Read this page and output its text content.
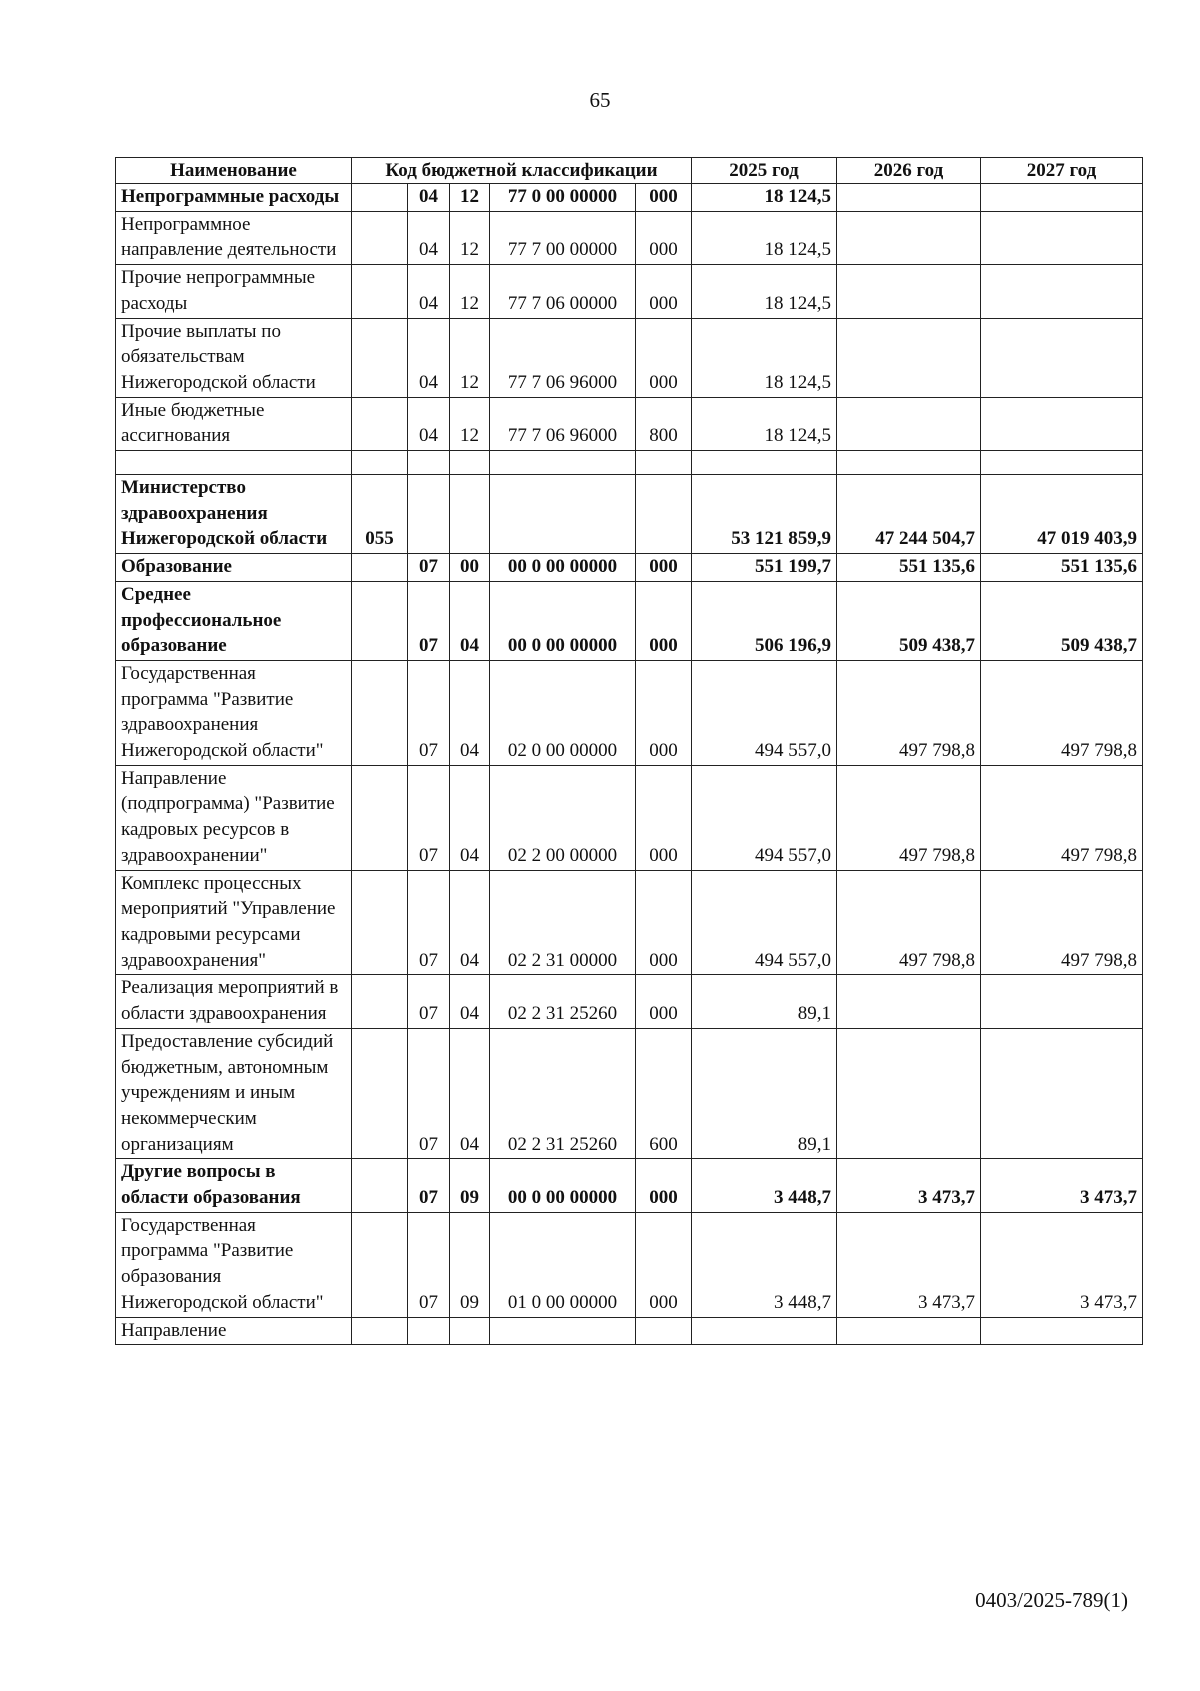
65
Наименование	Код бюджетной классификации					2025 год	2026 год	2027 год
Непрограммные расходы		04	12	77 0 00 00000	000	18 124,5		
Непрограммное направление деятельности		04	12	77 7 00 00000	000	18 124,5		
Прочие непрограммные расходы		04	12	77 7 06 00000	000	18 124,5		
Прочие выплаты по обязательствам Нижегородской области		04	12	77 7 06 96000	000	18 124,5		
Иные бюджетные ассигнования		04	12	77 7 06 96000	800	18 124,5		

Министерство здравоохранения Нижегородской области	055					53 121 859,9	47 244 504,7	47 019 403,9
Образование		07	00	00 0 00 00000	000	551 199,7	551 135,6	551 135,6
Среднее профессиональное образование		07	04	00 0 00 00000	000	506 196,9	509 438,7	509 438,7
Государственная программа "Развитие здравоохранения Нижегородской области"		07	04	02 0 00 00000	000	494 557,0	497 798,8	497 798,8
Направление (подпрограмма) "Развитие кадровых ресурсов в здравоохранении"		07	04	02 2 00 00000	000	494 557,0	497 798,8	497 798,8
Комплекс процессных мероприятий "Управление кадровыми ресурсами здравоохранения"		07	04	02 2 31 00000	000	494 557,0	497 798,8	497 798,8
Реализация мероприятий в области здравоохранения		07	04	02 2 31 25260	000	89,1		
Предоставление субсидий бюджетным, автономным учреждениям и иным некоммерческим организациям		07	04	02 2 31 25260	600	89,1		
Другие вопросы в области образования		07	09	00 0 00 00000	000	3 448,7	3 473,7	3 473,7
Государственная программа "Развитие образования Нижегородской области"		07	09	01 0 00 00000	000	3 448,7	3 473,7	3 473,7
Направление								
0403/2025-789(1)
